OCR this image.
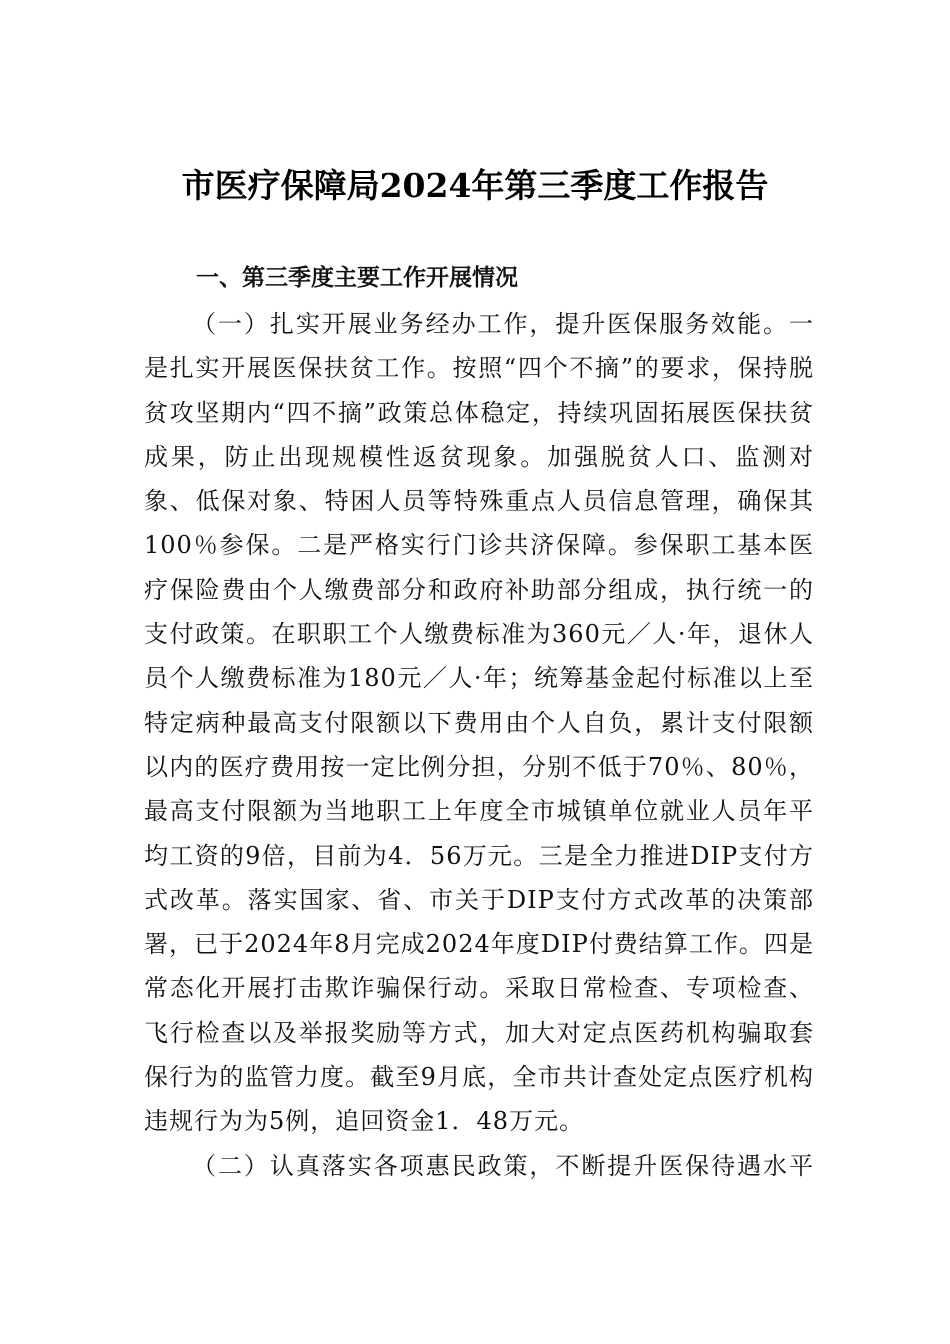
市医疗保障局2024年第三季度工作报告
一、第三季度主要工作开展情况

（一）扎实开展业务经办工作，提升医保服务效能。一是扎实开展医保扶贫工作。按照“四个不摘”的要求，保持脱贫攻坚期内“四不摘”政策总体稳定，持续巩固拓展医保扶贫成果，防止出现规模性返贫现象。加强脱贫人口、监测对象、低保对象、特困人员等特殊重点人员信息管理，确保其100％参保。二是严格实行门诊共济保障。参保职工基本医疗保险费由个人缴费部分和政府补助部分组成，执行统一的支付政策。在职职工个人缴费标准为360元／人·年，退休人员个人缴费标准为180元／人·年；统筹基金起付标准以上至特定病种最高支付限额以下费用由个人自负，累计支付限额以内的医疗费用按一定比例分担，分别不低于70％、80％，最高支付限额为当地职工上年度全市城镇单位就业人员年平均工资的9倍，目前为4．56万元。三是全力推进DIP支付方式改革。落实国家、省、市关于DIP支付方式改革的决策部署，已于2024年8月完成2024年度DIP付费结算工作。四是常态化开展打击欺诈骗保行动。采取日常检查、专项检查、飞行检查以及举报奖励等方式，加大对定点医药机构骗取套保行为的监管力度。截至9月底，全市共计查处定点医疗机构违规行为为5例，追回资金1．48万元。

（二）认真落实各项惠民政策，不断提升医保待遇水平
